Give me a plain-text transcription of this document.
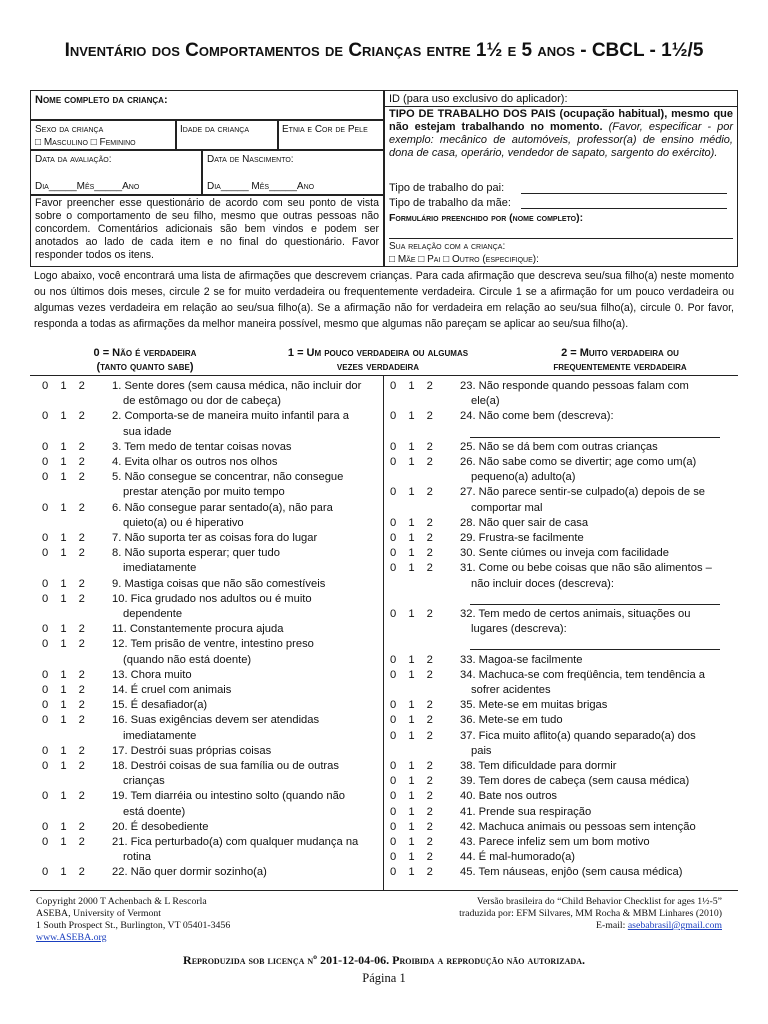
Inventário dos Comportamentos de Crianças entre 1½ e 5 anos - CBCL - 1½/5
Nome completo da criança:
Sexo da criança
□ Masculino □ Feminino
Idade da criança	Etnia e Cor de Pele
Data da avaliação:
Dia_____Mês_____Ano
Data de Nascimento:
Dia_____ Mês_____Ano
Favor preencher esse questionário de acordo com seu ponto de vista sobre o comportamento de seu filho, mesmo que outras pessoas não concordem. Comentários adicionais são bem vindos e podem ser anotados ao lado de cada item e no final do questionário. Favor responder todos os itens.
ID (para uso exclusivo do aplicador):
TIPO DE TRABALHO DOS PAIS (ocupação habitual), mesmo que não estejam trabalhando no momento. (Favor, especificar - por exemplo: mecânico de automóveis, professor(a) de ensino médio, dona de casa, operário, vendedor de sapato, sargento do exército).
Tipo de trabalho do pai:
Tipo de trabalho da mãe:
Formulário preenchido por (nome completo):
Sua relação com a criança:
□ Mãe □ Pai □ Outro (especifique):
Logo abaixo, você encontrará uma lista de afirmações que descrevem crianças. Para cada afirmação que descreva seu/sua filho(a) neste momento ou nos últimos dois meses, circule 2 se for muito verdadeira ou frequentemente verdadeira. Circule 1 se a afirmação for um pouco verdadeira ou algumas vezes verdadeira em relação ao seu/sua filho(a). Se a afirmação não for verdadeira em relação ao seu/sua filho(a), circule 0. Por favor, responda a todas as afirmações da melhor maneira possível, mesmo que algumas não pareçam se aplicar ao seu/sua filho(a).
0 = Não é verdadeira
(tanto quanto sabe)
1 = Um pouco verdadeira ou algumas
vezes verdadeira
2 = Muito verdadeira ou
frequentemente verdadeira
0 1 2 1. Sente dores (sem causa médica, não incluir dor
de estômago ou dor de cabeça)
0 1 2 2. Comporta-se de maneira muito infantil para a
sua idade
0 1 2 3. Tem medo de tentar coisas novas
0 1 2 4. Evita olhar os outros nos olhos
0 1 2 5. Não consegue se concentrar, não consegue
prestar atenção por muito tempo
0 1 2 6. Não consegue parar sentado(a), não para
quieto(a) ou é hiperativo
0 1 2 7. Não suporta ter as coisas fora do lugar
0 1 2 8. Não suporta esperar; quer tudo
imediatamente
0 1 2 9. Mastiga coisas que não são comestíveis
0 1 2 10. Fica grudado nos adultos ou é muito
dependente
0 1 2 11. Constantemente procura ajuda
0 1 2 12. Tem prisão de ventre, intestino preso
(quando não está doente)
0 1 2 13. Chora muito
0 1 2 14. É cruel com animais
0 1 2 15. É desafiador(a)
0 1 2 16. Suas exigências devem ser atendidas
imediatamente
0 1 2 17. Destrói suas próprias coisas
0 1 2 18. Destrói coisas de sua família ou de outras
crianças
0 1 2 19. Tem diarréia ou intestino solto (quando não
está doente)
0 1 2 20. É desobediente
0 1 2 21. Fica perturbado(a) com qualquer mudança na
rotina
0 1 2 22. Não quer dormir sozinho(a)
0 1 2 23. Não responde quando pessoas falam com
ele(a)
0 1 2 24. Não come bem (descreva):
0 1 2 25. Não se dá bem com outras crianças
0 1 2 26. Não sabe como se divertir; age como um(a)
pequeno(a) adulto(a)
0 1 2 27. Não parece sentir-se culpado(a) depois de se
comportar mal
0 1 2 28. Não quer sair de casa
0 1 2 29. Frustra-se facilmente
0 1 2 30. Sente ciúmes ou inveja com facilidade
0 1 2 31. Come ou bebe coisas que não são alimentos –
não incluir doces (descreva):
0 1 2 32. Tem medo de certos animais, situações ou
lugares (descreva):
0 1 2 33. Magoa-se facilmente
0 1 2 34. Machuca-se com freqüência, tem tendência a
sofrer acidentes
0 1 2 35. Mete-se em muitas brigas
0 1 2 36. Mete-se em tudo
0 1 2 37. Fica muito aflito(a) quando separado(a) dos
pais
0 1 2 38. Tem dificuldade para dormir
0 1 2 39. Tem dores de cabeça (sem causa médica)
0 1 2 40. Bate nos outros
0 1 2 41. Prende sua respiração
0 1 2 42. Machuca animais ou pessoas sem intenção
0 1 2 43. Parece infeliz sem um bom motivo
0 1 2 44. É mal-humorado(a)
0 1 2 45. Tem náuseas, enjôo (sem causa médica)
Copyright 2000 T Achenbach & L Rescorla
ASEBA, University of Vermont
1 South Prospect St., Burlington, VT 05401-3456
www.ASEBA.org
Versão brasileira do “Child Behavior Checklist for ages 1½-5”
traduzida por: EFM Silvares, MM Rocha & MBM Linhares (2010)
E-mail: asebabrasil@gmail.com
Reproduzida sob licença nº 201-12-04-06. Proibida a reprodução não autorizada.
Página 1
